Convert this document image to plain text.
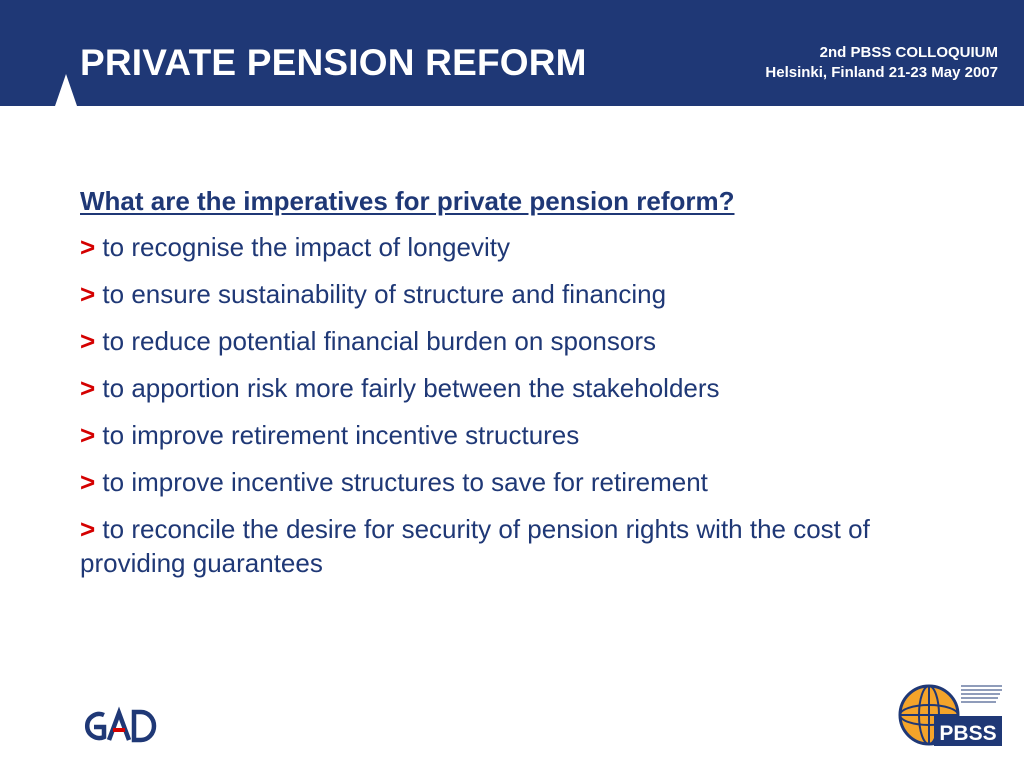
PRIVATE PENSION REFORM	2nd PBSS COLLOQUIUM
Helsinki, Finland 21-23 May 2007
What are the imperatives for private pension reform?
> to recognise the impact of longevity
> to ensure sustainability of structure and financing
> to reduce potential financial burden on sponsors
> to apportion risk more fairly between the stakeholders
> to improve retirement incentive structures
> to improve incentive structures to save for retirement
> to reconcile the desire for security of pension rights with the cost of providing guarantees
PBSS
